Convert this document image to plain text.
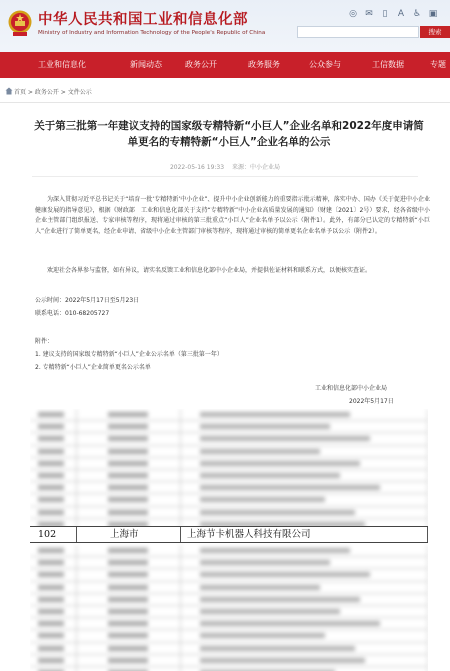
中华人民共和国工业和信息化部
Ministry of Industry and Information Technology of the People's Republic of China
◎ ✉	▯	A ♿ ▣
搜索
工业和信息化	新闻动态	政务公开	政务服务	公众参与	工信数据	专题
首页 > 政务公开 > 文件公示
关于第三批第一年建议支持的国家级专精特新“小巨人”企业名单和2022年度申请简单更名的专精特新“小巨人”企业名单的公示
2022-05-16 19:33 来源：中小企业局
为深入贯彻习近平总书记关于“培育一批‘专精特新’中小企业”、提升中小企业创新能力的重要指示批示精神，落实中办、国办《关于促进中小企业健康发展的指导意见》，根据《财政部　工业和信息化部关于支持“专精特新”中小企业高质量发展的通知》（财建〔2021〕2号）要求，经各省级中小企业主管部门组织报送、专家审核等程序，现将通过审核的第三批重点“小巨人”企业名单予以公示（附件1）。此外，有部分已认定的专精特新“小巨人”企业进行了简单更名，经企业申请、省级中小企业主管部门审核等程序，现将通过审核的简单更名企业名单予以公示（附件2）。
欢迎社会各界参与监督，如有异议，请实名反馈工业和信息化部中小企业局，并提供佐证材料和联系方式，以便核实查证。
公示时间：2022年5月17日至5月23日
联系电话：010-68205727
附件：
1. 建议支持的国家级专精特新“小巨人”企业公示名单（第三批第一年）
2. 专精特新“小巨人”企业简单更名公示名单
工业和信息化部中小企业局
2022年5月17日
102	上海市	上海节卡机器人科技有限公司
